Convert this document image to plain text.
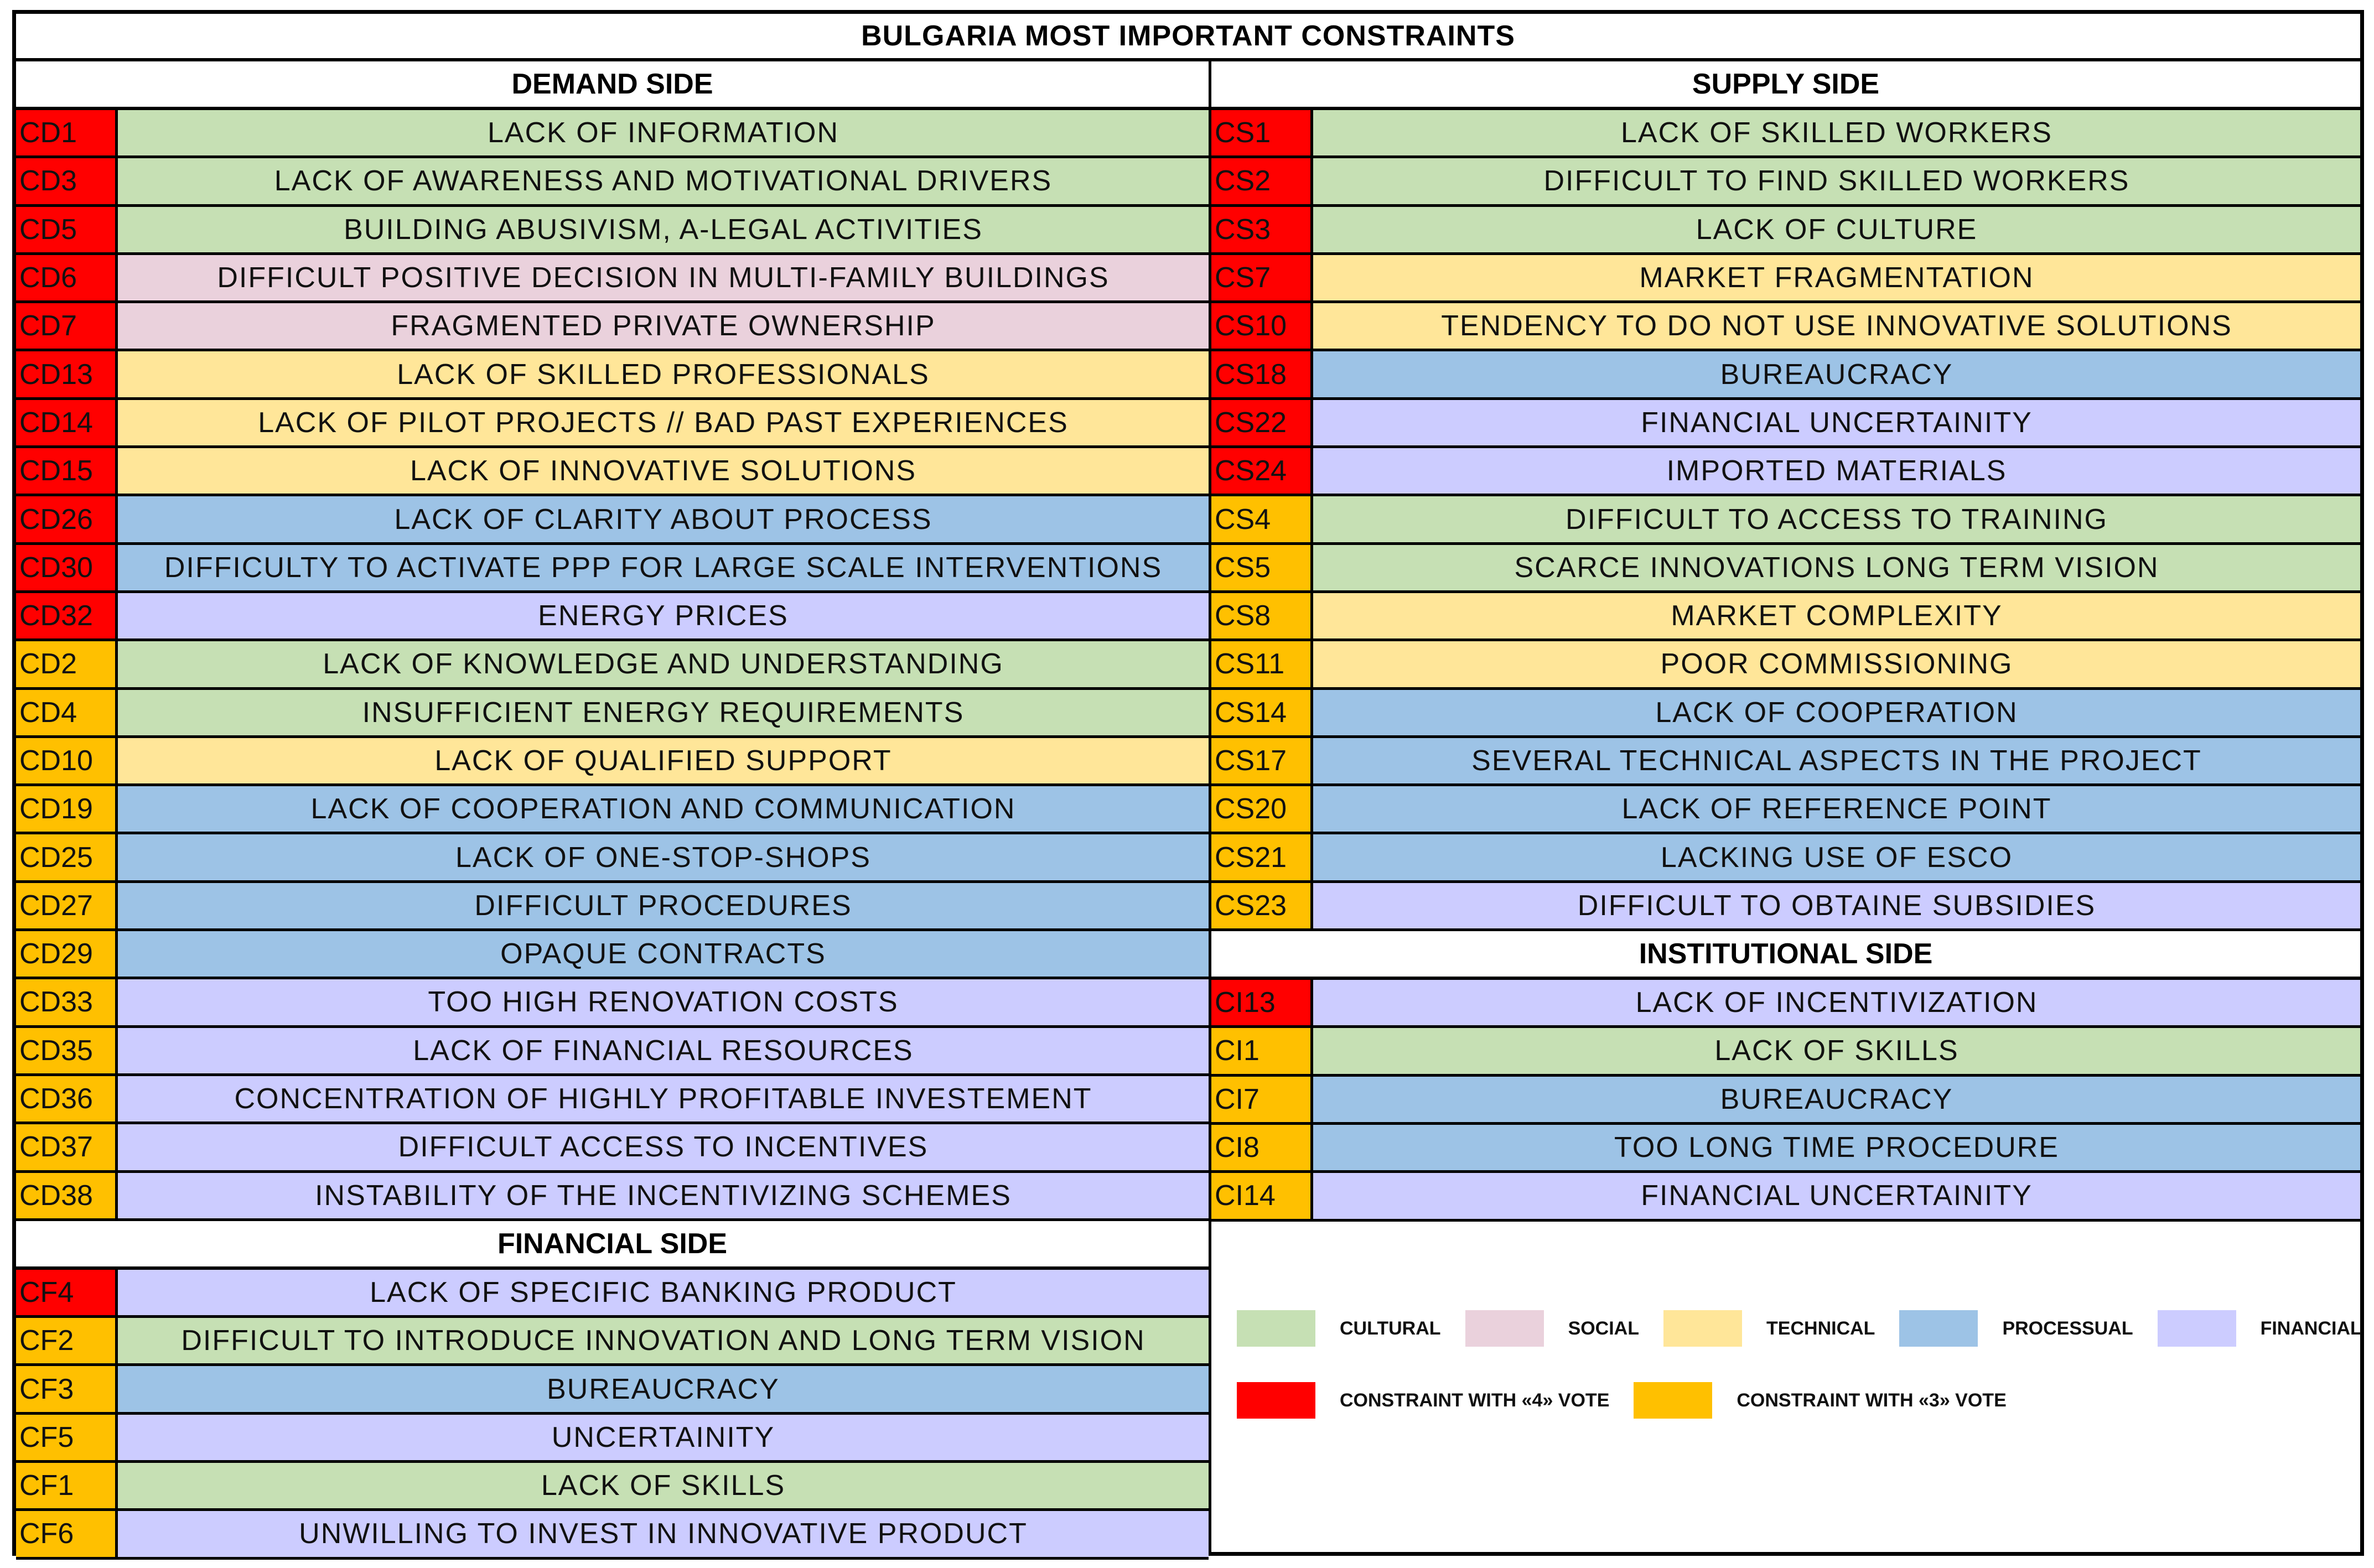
BULGARIA MOST IMPORTANT CONSTRAINTS
DEMAND SIDE
CD1	LACK OF INFORMATION
CD3	LACK OF AWARENESS AND MOTIVATIONAL DRIVERS
CD5	BUILDING ABUSIVISM, A-LEGAL ACTIVITIES
CD6	DIFFICULT POSITIVE DECISION IN MULTI-FAMILY BUILDINGS
CD7	FRAGMENTED PRIVATE OWNERSHIP
CD13	LACK OF SKILLED PROFESSIONALS
CD14	LACK OF PILOT PROJECTS // BAD PAST EXPERIENCES
CD15	LACK OF INNOVATIVE SOLUTIONS
CD26	LACK OF CLARITY ABOUT PROCESS
CD30	DIFFICULTY TO ACTIVATE PPP FOR LARGE SCALE INTERVENTIONS
CD32	ENERGY PRICES
CD2	LACK OF KNOWLEDGE AND UNDERSTANDING
CD4	INSUFFICIENT ENERGY REQUIREMENTS
CD10	LACK OF QUALIFIED SUPPORT
CD19	LACK OF COOPERATION AND COMMUNICATION
CD25	LACK OF ONE-STOP-SHOPS
CD27	DIFFICULT PROCEDURES
CD29	OPAQUE CONTRACTS
CD33	TOO HIGH RENOVATION COSTS
CD35	LACK OF FINANCIAL RESOURCES
CD36	CONCENTRATION OF HIGHLY PROFITABLE INVESTEMENT
CD37	DIFFICULT ACCESS TO INCENTIVES
CD38	INSTABILITY OF THE INCENTIVIZING SCHEMES
FINANCIAL SIDE
CF4	LACK OF SPECIFIC BANKING PRODUCT
CF2	DIFFICULT TO INTRODUCE INNOVATION AND LONG TERM VISION
CF3	BUREAUCRACY
CF5	UNCERTAINITY
CF1	LACK OF SKILLS
CF6	UNWILLING TO INVEST IN INNOVATIVE PRODUCT
SUPPLY SIDE
CS1	LACK OF SKILLED WORKERS
CS2	DIFFICULT TO FIND SKILLED WORKERS
CS3	LACK OF CULTURE
CS7	MARKET FRAGMENTATION
CS10	TENDENCY TO DO NOT USE INNOVATIVE SOLUTIONS
CS18	BUREAUCRACY
CS22	FINANCIAL UNCERTAINITY
CS24	IMPORTED MATERIALS
CS4	DIFFICULT TO ACCESS TO TRAINING
CS5	SCARCE INNOVATIONS LONG TERM VISION
CS8	MARKET COMPLEXITY
CS11	POOR COMMISSIONING
CS14	LACK OF COOPERATION
CS17	SEVERAL TECHNICAL ASPECTS IN THE PROJECT
CS20	LACK OF REFERENCE POINT
CS21	LACKING USE OF ESCO
CS23	DIFFICULT TO OBTAINE SUBSIDIES
INSTITUTIONAL SIDE
CI13	LACK OF INCENTIVIZATION
CI1	LACK OF SKILLS
CI7	BUREAUCRACY
CI8	TOO LONG TIME PROCEDURE
CI14	FINANCIAL UNCERTAINITY
CULTURAL	SOCIAL	TECHNICAL	PROCESSUAL	FINANCIAL
CONSTRAINT WITH «4» VOTE	CONSTRAINT WITH «3» VOTE
